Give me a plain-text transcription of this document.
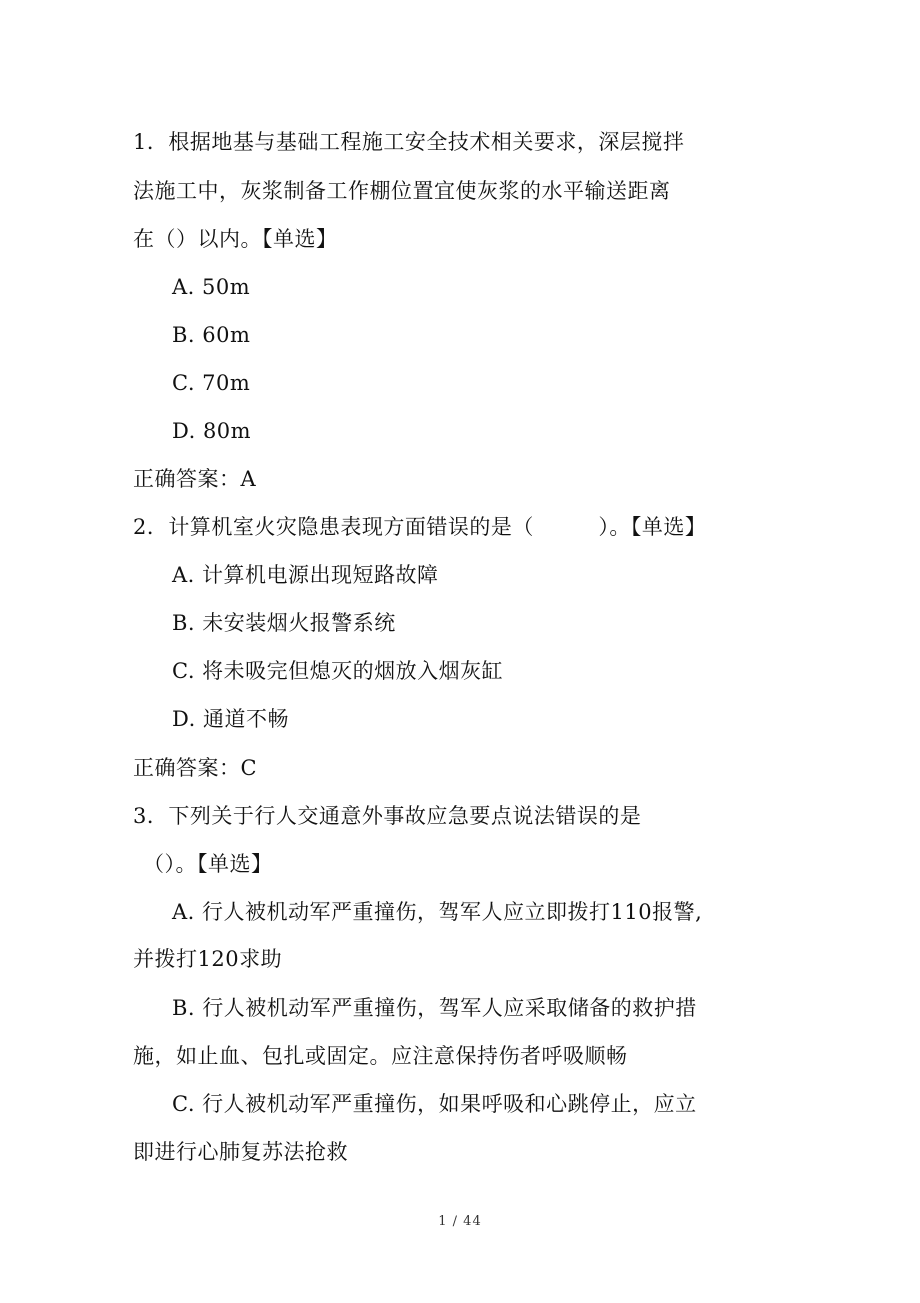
1．根据地基与基础工程施工安全技术相关要求，深层搅拌
法施工中，灰浆制备工作棚位置宜使灰浆的水平输送距离
在（）以内。【单选】
A. 50m
B. 60m
C. 70m
D. 80m
正确答案：A
2．计算机室火灾隐患表现方面错误的是（　　　）。【单选】
A. 计算机电源出现短路故障
B. 未安装烟火报警系统
C. 将未吸完但熄灭的烟放入烟灰缸
D. 通道不畅
正确答案：C
3．下列关于行人交通意外事故应急要点说法错误的是
（）。【单选】
A. 行人被机动军严重撞伤，驾军人应立即拨打110报警,
并拨打120求助
B. 行人被机动军严重撞伤，驾军人应采取储备的救护措
施，如止血、包扎或固定。应注意保持伤者呼吸顺畅
C. 行人被机动军严重撞伤，如果呼吸和心跳停止，应立
即进行心肺复苏法抢救
1 / 44
